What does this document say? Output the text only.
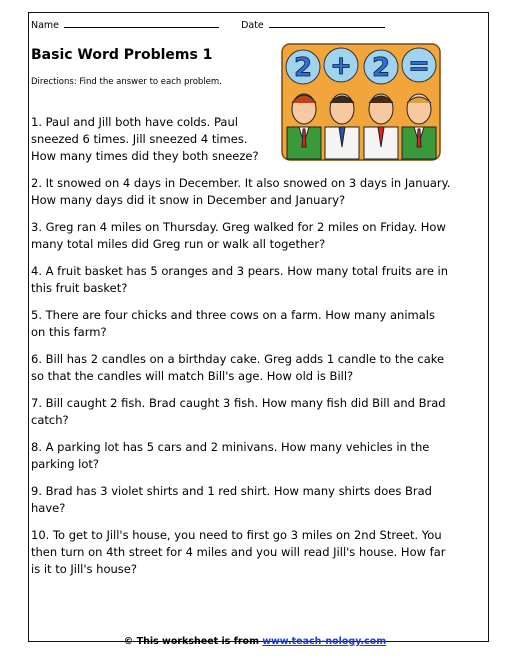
Name	Date
Basic Word Problems 1
Directions: Find the answer to each problem.	2 + 2 =

1. Paul and Jill both have colds. Paul sneezed 6 times. Jill sneezed 4 times. How many times did they both sneeze?

2. It snowed on 4 days in December. It also snowed on 3 days in January. How many days did it snow in December and January?

3. Greg ran 4 miles on Thursday. Greg walked for 2 miles on Friday. How many total miles did Greg run or walk all together?

4. A fruit basket has 5 oranges and 3 pears. How many total fruits are in this fruit basket?

5. There are four chicks and three cows on a farm. How many animals on this farm?

6. Bill has 2 candles on a birthday cake. Greg adds 1 candle to the cake so that the candles will match Bill's age. How old is Bill?

7. Bill caught 2 fish. Brad caught 3 fish. How many fish did Bill and Brad catch?

8. A parking lot has 5 cars and 2 minivans. How many vehicles in the parking lot?

9. Brad has 3 violet shirts and 1 red shirt. How many shirts does Brad have?

10. To get to Jill's house, you need to first go 3 miles on 2nd Street. You then turn on 4th street for 4 miles and you will read Jill's house. How far is it to Jill's house?

© This worksheet is from www.teach-nology.com
